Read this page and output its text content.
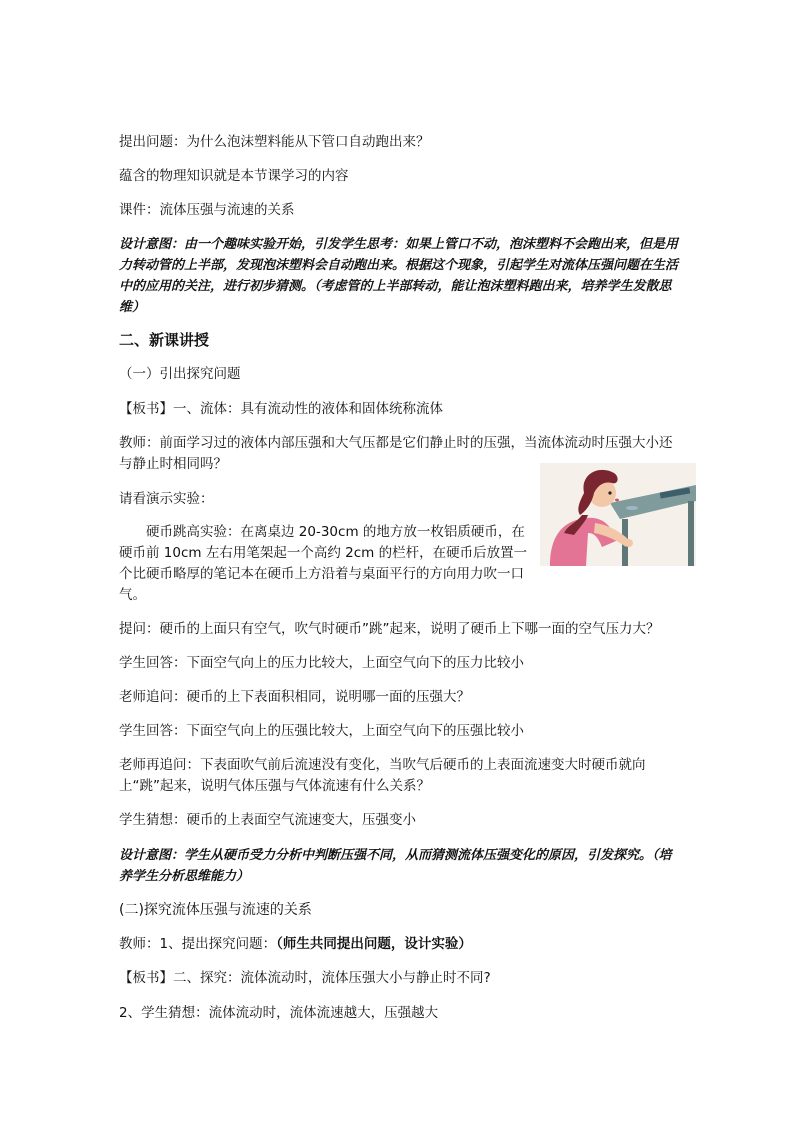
提出问题：为什么泡沫塑料能从下管口自动跑出来？

蕴含的物理知识就是本节课学习的内容

课件：流体压强与流速的关系

设计意图：由一个趣味实验开始，引发学生思考：如果上管口不动，泡沫塑料不会跑出来，但是用力转动管的上半部，发现泡沫塑料会自动跑出来。根据这个现象，引起学生对流体压强问题在生活中的应用的关注，进行初步猜测。（考虑管的上半部转动，能让泡沫塑料跑出来，培养学生发散思维）

二、新课讲授

（一）引出探究问题

【板书】一、流体：具有流动性的液体和固体统称流体

教师：前面学习过的液体内部压强和大气压都是它们静止时的压强，当流体流动时压强大小还与静止时相同吗？

请看演示实验：

硬币跳高实验：在离桌边 20-30cm 的地方放一枚铝质硬币，在硬币前 10cm 左右用笔架起一个高约 2cm 的栏杆，在硬币后放置一个比硬币略厚的笔记本在硬币上方沿着与桌面平行的方向用力吹一口气。

提问：硬币的上面只有空气，吹气时硬币”跳”起来，说明了硬币上下哪一面的空气压力大？

学生回答：下面空气向上的压力比较大，上面空气向下的压力比较小

老师追问：硬币的上下表面积相同，说明哪一面的压强大？

学生回答：下面空气向上的压强比较大，上面空气向下的压强比较小

老师再追问：下表面吹气前后流速没有变化，当吹气后硬币的上表面流速变大时硬币就向上“跳”起来，说明气体压强与气体流速有什么关系？

学生猜想：硬币的上表面空气流速变大，压强变小

设计意图：学生从硬币受力分析中判断压强不同，从而猜测流体压强变化的原因，引发探究。（培养学生分析思维能力）

(二)探究流体压强与流速的关系

教师：1、提出探究问题：（师生共同提出问题，设计实验）

【板书】二、探究：流体流动时，流体压强大小与静止时不同?

2、学生猜想：流体流动时，流体流速越大，压强越大
